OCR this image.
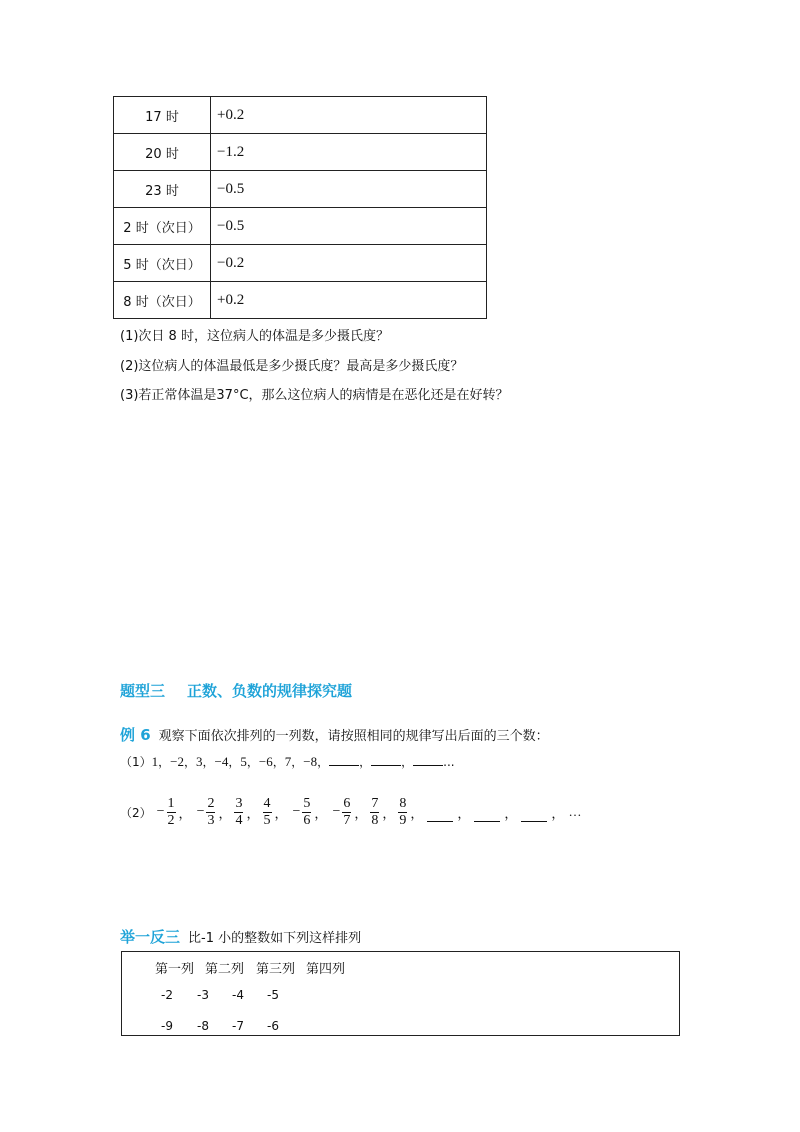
17 时	+0.2
20 时	−1.2
23 时	−0.5
2 时（次日）	−0.5
5 时（次日）	−0.2
8 时（次日）	+0.2
(1)次日 8 时，这位病人的体温是多少摄氏度？
(2)这位病人的体温最低是多少摄氏度？最高是多少摄氏度？
(3)若正常体温是37°C，那么这位病人的病情是在恶化还是在好转？
题型三 正数、负数的规律探究题
例 6 观察下面依次排列的一列数，请按照相同的规律写出后面的三个数：
（1）1，−2，3，−4，5，−6，7，−8，	，	，	...
$(2) - \frac{1}{2}$ ， − $\frac{2}{3}$ ， $\frac{3}{4}$ ， $\frac{4}{5}$ ， − $\frac{5}{6}$ ， − $\frac{6}{7}$ ， $\frac{7}{8}$ ， $\frac{8}{9}$ ，	，	，	， …
举一反三 比-1 小的整数如下列这样排列
第一列 第二列 第三列 第四列
-2 -3 -4 -5
-9 -8 -7 -6
